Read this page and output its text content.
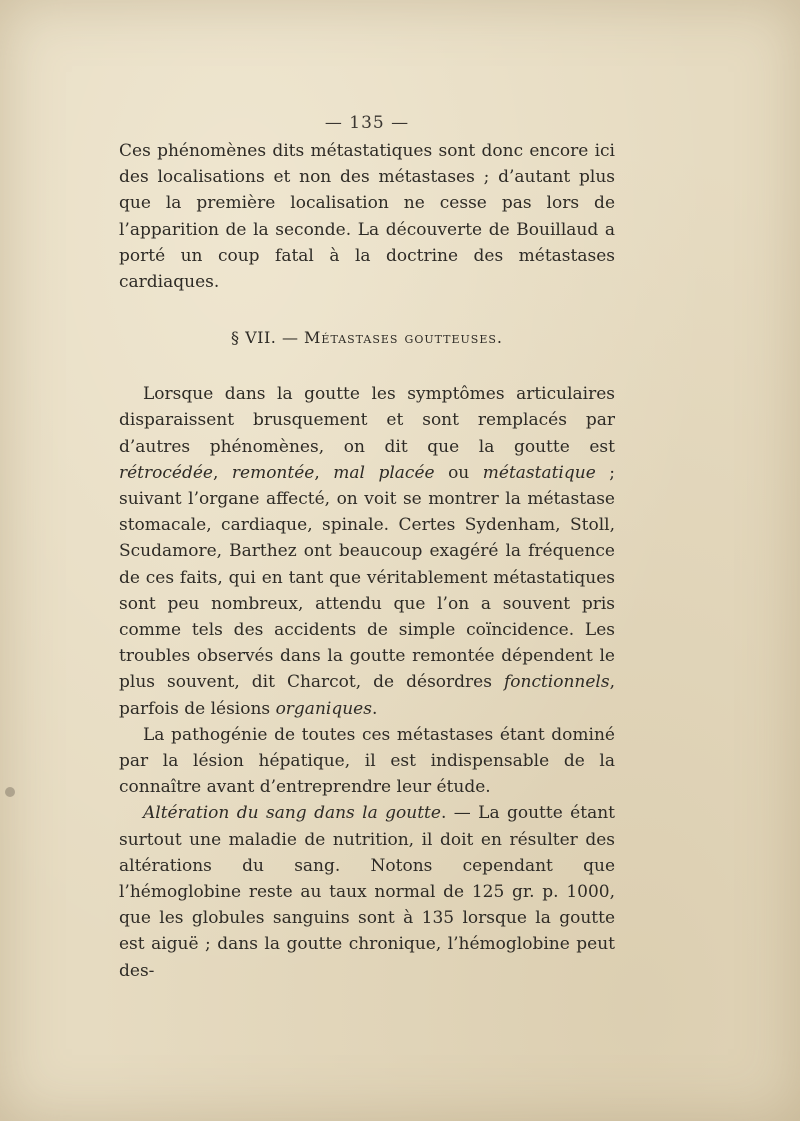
— 135 —

Ces phénomènes dits métastatiques sont donc encore ici des localisations et non des métastases ; d’autant plus que la première localisation ne cesse pas lors de l’apparition de la seconde. La découverte de Bouillaud a porté un coup fatal à la doctrine des métastases cardiaques.

§ VII. — Métastases goutteuses.

Lorsque dans la goutte les symptômes articulaires disparaissent brusquement et sont remplacés par d’autres phénomènes, on dit que la goutte est rétrocédée, remontée, mal placée ou métastatique ; suivant l’organe affecté, on voit se montrer la métastase stomacale, cardiaque, spinale. Certes Sydenham, Stoll, Scudamore, Barthez ont beaucoup exagéré la fréquence de ces faits, qui en tant que véritablement métastatiques sont peu nombreux, attendu que l’on a souvent pris comme tels des accidents de simple coïncidence. Les troubles observés dans la goutte remontée dépendent le plus souvent, dit Charcot, de désordres fonctionnels, parfois de lésions organiques.

La pathogénie de toutes ces métastases étant dominé par la lésion hépatique, il est indispensable de la connaître avant d’entreprendre leur étude.

Altération du sang dans la goutte. — La goutte étant surtout une maladie de nutrition, il doit en résulter des altérations du sang. Notons cependant que l’hémoglobine reste au taux normal de 125 gr. p. 1000, que les globules sanguins sont à 135 lorsque la goutte est aiguë ; dans la goutte chronique, l’hémoglobine peut des-
